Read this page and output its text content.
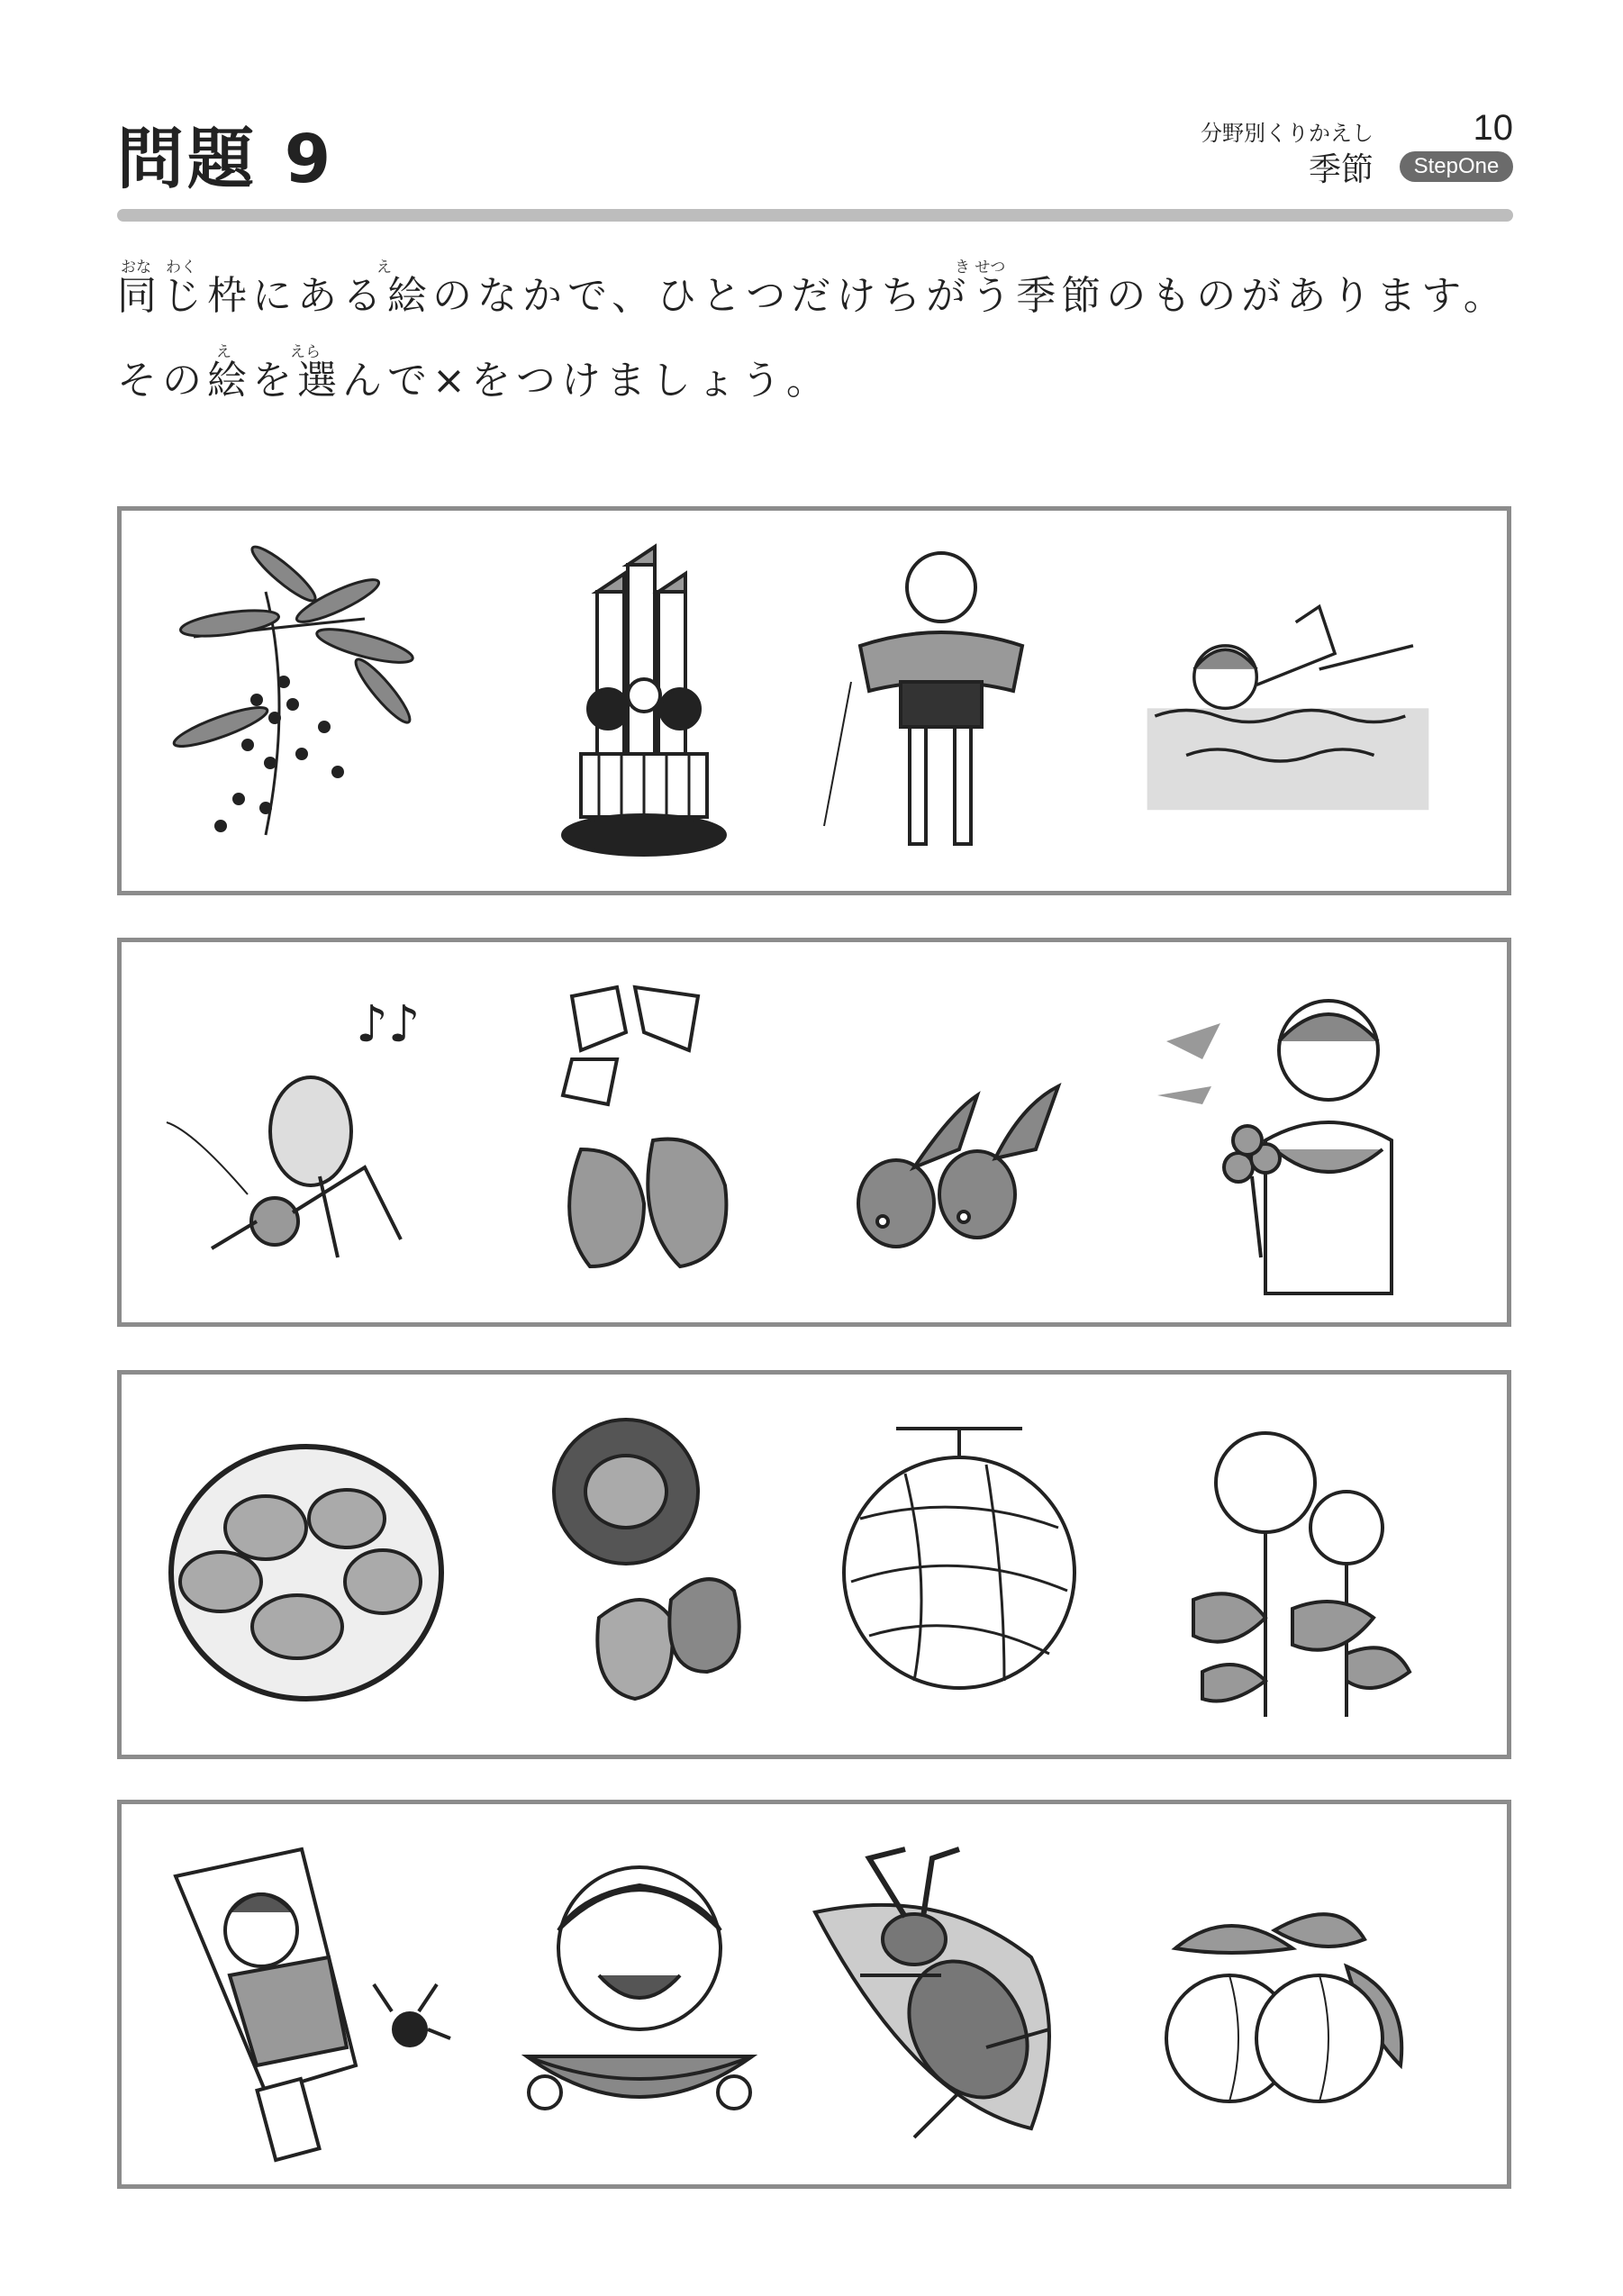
問題 9	分野別くりかえし	10
季節	StepOne
おな わく	え	き せつ
え	えら
同じ枠にある絵のなかで、ひとつだけちがう季節のものがあります。
その絵を選んで×をつけましょう。
♪♪
